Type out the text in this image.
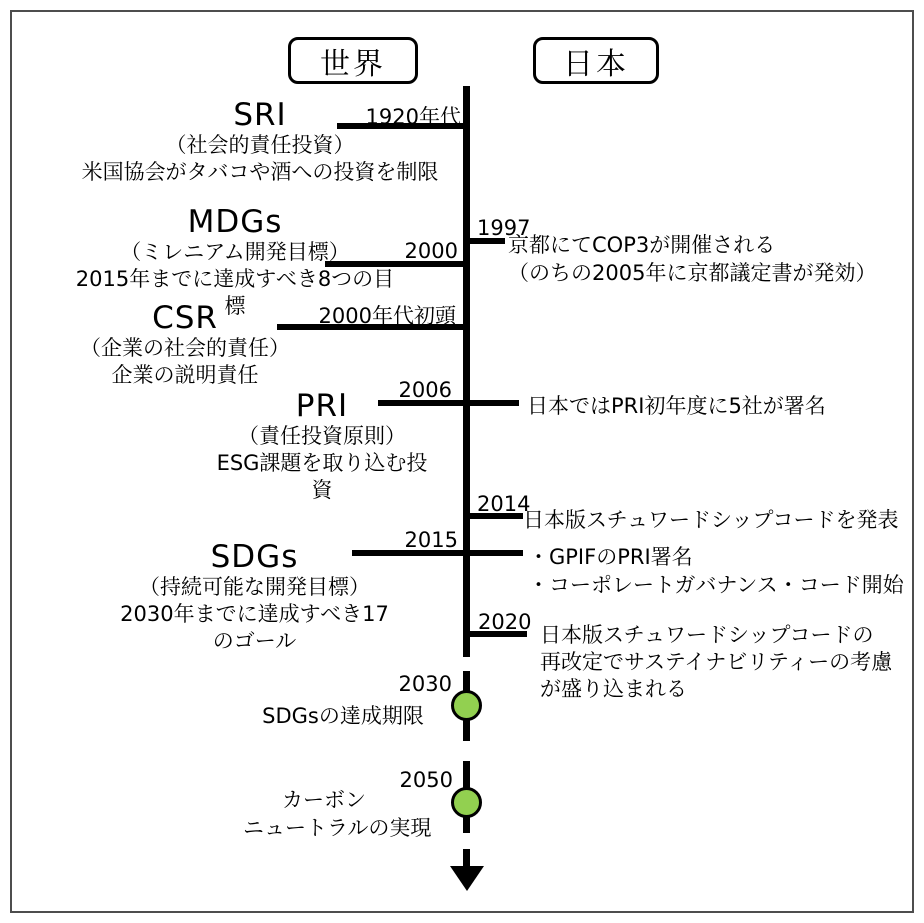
世界	日本
1920年代
2000
2000年代初頭
2006
2015
SRI
（社会的責任投資）
米国協会がタバコや酒への投資を制限
MDGs
（ミレニアム開発目標）
2015年までに達成すべき8つの目標
CSR
（企業の社会的責任）
企業の説明責任
PRI
（責任投資原則）
ESG課題を取り込む投資
SDGs
（持続可能な開発目標）
2030年までに達成すべき17のゴール
1997
2014
2020
京都にてCOP3が開催される
（のちの2005年に京都議定書が発効）
日本ではPRI初年度に5社が署名
日本版スチュワードシップコードを発表
・GPIFのPRI署名
・コーポレートガバナンス・コード開始
日本版スチュワードシップコードの
再改定でサステイナビリティーの考慮
が盛り込まれる
2030
SDGsの達成期限
2050
カーボン
ニュートラルの実現
